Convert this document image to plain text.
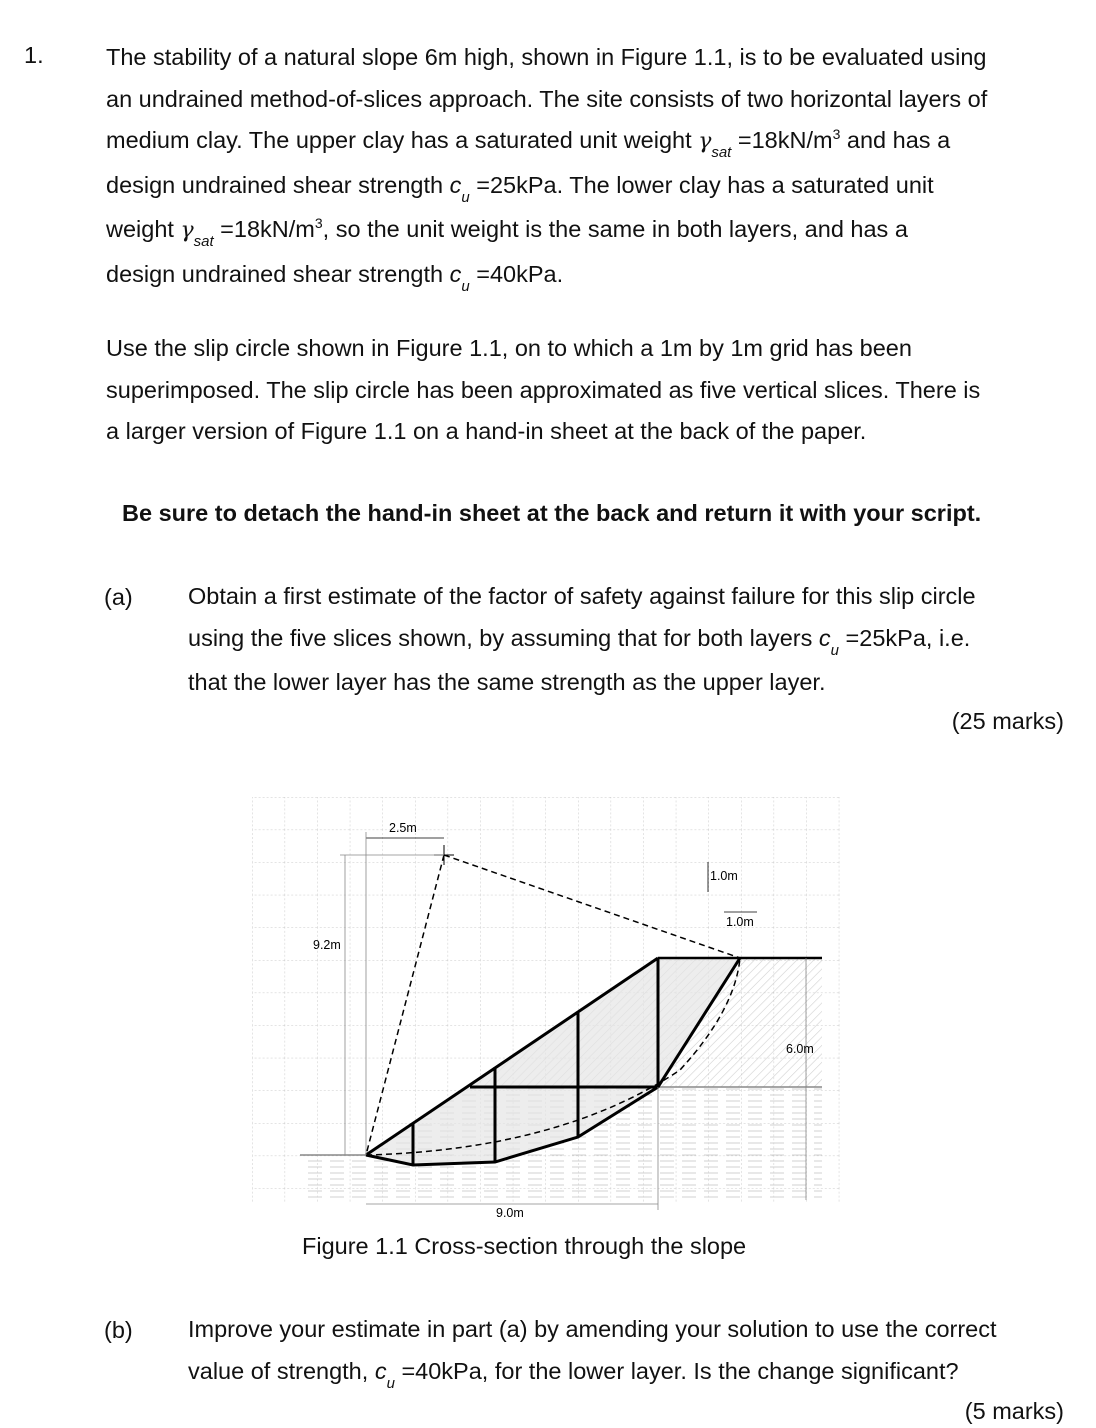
1.	The stability of a natural slope 6m high, shown in Figure 1.1, is to be evaluated using
an undrained method-of-slices approach. The site consists of two horizontal layers of
medium clay. The upper clay has a saturated unit weight $\gamma_{sat} =18kN/m^3$ and has a
design undrained shear strength $c_u =25kPa$. The lower clay has a saturated unit
weight $\gamma_{sat} =18kN/m^3$, so the unit weight is the same in both layers, and has a
design undrained shear strength $c_u =40kPa$.
Use the slip circle shown in Figure 1.1, on to which a 1m by 1m grid has been
superimposed. The slip circle has been approximated as five vertical slices. There is
a larger version of Figure 1.1 on a hand-in sheet at the back of the paper.
Be sure to detach the hand-in sheet at the back and return it with your script.
(a) Obtain a first estimate of the factor of safety against failure for this slip circle
using the five slices shown, by assuming that for both layers $c_u =25kPa$, i.e.
that the lower layer has the same strength as the upper layer.
(25 marks)
2.5m
1.0m
1.0m
9.2m
6.0m
9.0m
Figure 1.1 Cross-section through the slope
(b) Improve your estimate in part (a) by amending your solution to use the correct
value of strength, $c_u =40kPa$, for the lower layer. Is the change significant?
(5 marks)
